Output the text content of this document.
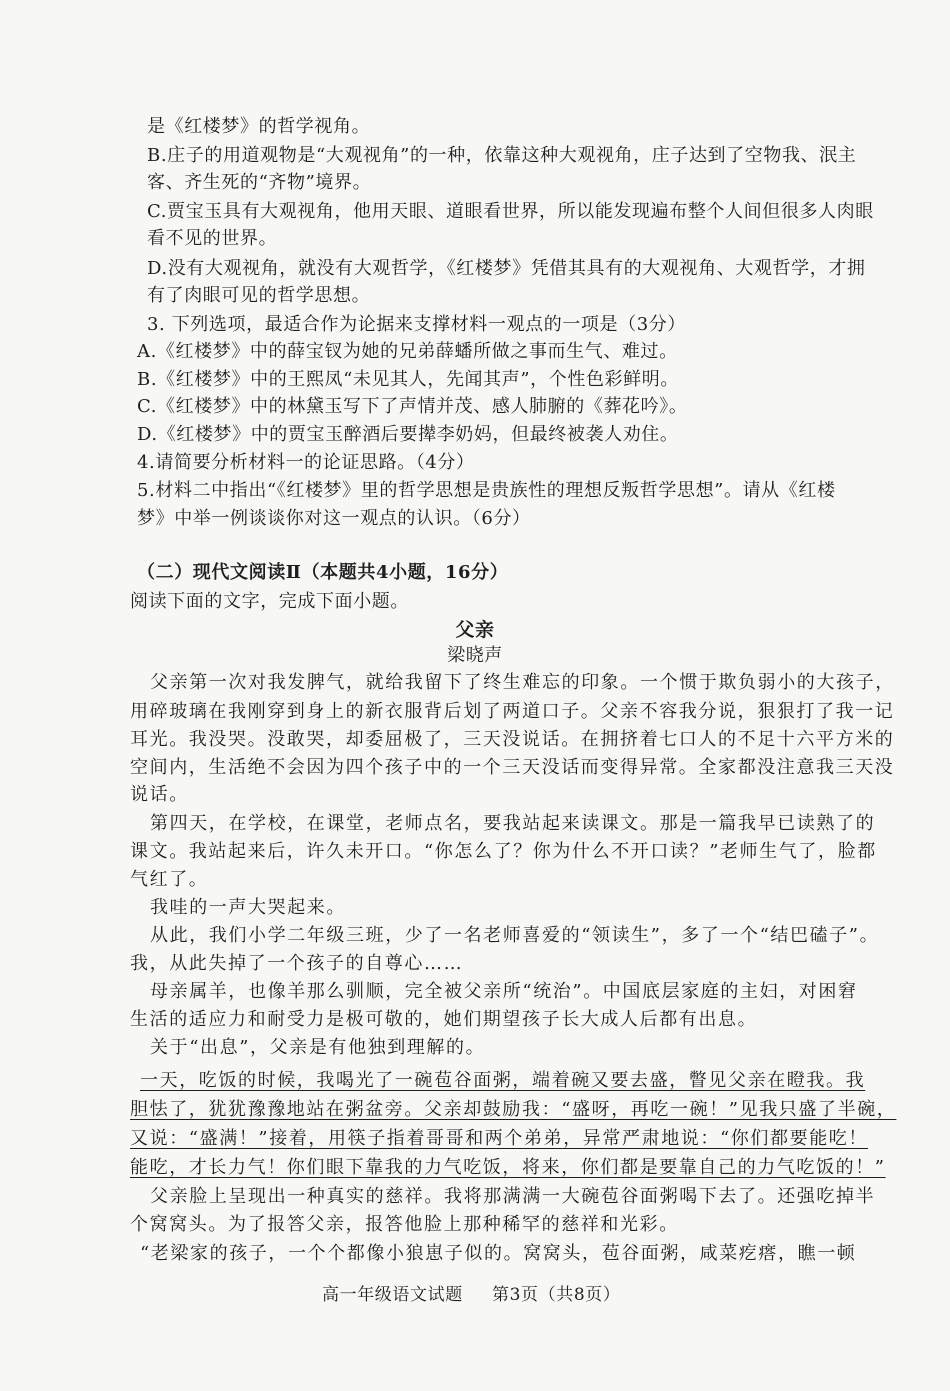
是《红楼梦》的哲学视角。
B.庄子的用道观物是“大观视角”的一种，依靠这种大观视角，庄子达到了空物我、泯主
客、齐生死的“齐物”境界。
C.贾宝玉具有大观视角，他用天眼、道眼看世界，所以能发现遍布整个人间但很多人肉眼
看不见的世界。
D.没有大观视角，就没有大观哲学，《红楼梦》凭借其具有的大观视角、大观哲学，才拥
有了肉眼可见的哲学思想。
3. 下列选项，最适合作为论据来支撑材料一观点的一项是（3分）
A.《红楼梦》中的薛宝钗为她的兄弟薛蟠所做之事而生气、难过。
B.《红楼梦》中的王熙凤“未见其人，先闻其声”，个性色彩鲜明。
C.《红楼梦》中的林黛玉写下了声情并茂、感人肺腑的《葬花吟》。
D.《红楼梦》中的贾宝玉醉酒后要撵李奶妈，但最终被袭人劝住。
4.请简要分析材料一的论证思路。（4分）
5.材料二中指出“《红楼梦》里的哲学思想是贵族性的理想反叛哲学思想”。请从《红楼
梦》中举一例谈谈你对这一观点的认识。（6分）
（二）现代文阅读Ⅱ（本题共4小题，16分）
阅读下面的文字，完成下面小题。
父亲
梁晓声
父亲第一次对我发脾气，就给我留下了终生难忘的印象。一个惯于欺负弱小的大孩子，
用碎玻璃在我刚穿到身上的新衣服背后划了两道口子。父亲不容我分说，狠狠打了我一记
耳光。我没哭。没敢哭，却委屈极了，三天没说话。在拥挤着七口人的不足十六平方米的
空间内，生活绝不会因为四个孩子中的一个三天没话而变得异常。全家都没注意我三天没
说话。
第四天，在学校，在课堂，老师点名，要我站起来读课文。那是一篇我早已读熟了的
课文。我站起来后，许久未开口。“你怎么了？你为什么不开口读？”老师生气了，脸都
气红了。
我哇的一声大哭起来。
从此，我们小学二年级三班，少了一名老师喜爱的“领读生”，多了一个“结巴磕子”。
我，从此失掉了一个孩子的自尊心……
母亲属羊，也像羊那么驯顺，完全被父亲所“统治”。中国底层家庭的主妇，对困窘
生活的适应力和耐受力是极可敬的，她们期望孩子长大成人后都有出息。
关于“出息”，父亲是有他独到理解的。
一天，吃饭的时候，我喝光了一碗苞谷面粥，端着碗又要去盛，瞥见父亲在瞪我。我
胆怯了，犹犹豫豫地站在粥盆旁。父亲却鼓励我：“盛呀，再吃一碗！”见我只盛了半碗，
又说：“盛满！”接着，用筷子指着哥哥和两个弟弟，异常严肃地说：“你们都要能吃！
能吃，才长力气！你们眼下靠我的力气吃饭，将来，你们都是要靠自己的力气吃饭的！”
父亲脸上呈现出一种真实的慈祥。我将那满满一大碗苞谷面粥喝下去了。还强吃掉半
个窝窝头。为了报答父亲，报答他脸上那种稀罕的慈祥和光彩。
“老梁家的孩子，一个个都像小狼崽子似的。窝窝头，苞谷面粥，咸菜疙瘩，瞧一顿
高一年级语文试题 第3页（共8页）
